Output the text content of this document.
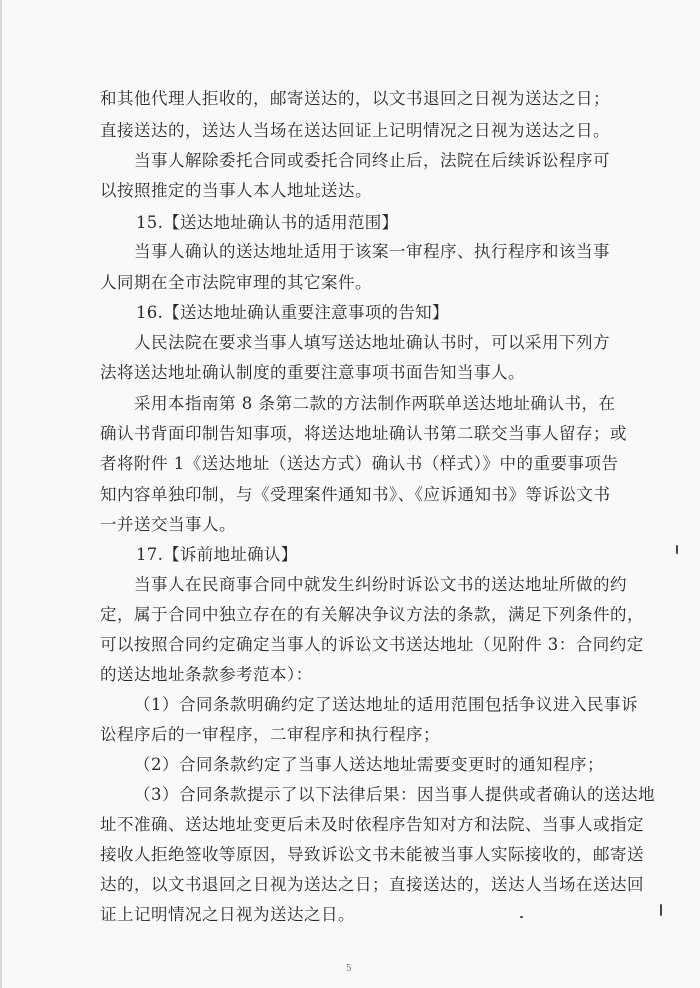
和其他代理人拒收的，邮寄送达的，以文书退回之日视为送达之日；
直接送达的，送达人当场在送达回证上记明情况之日视为送达之日。
当事人解除委托合同或委托合同终止后，法院在后续诉讼程序可
以按照推定的当事人本人地址送达。
15.【送达地址确认书的适用范围】
当事人确认的送达地址适用于该案一审程序、执行程序和该当事
人同期在全市法院审理的其它案件。
16.【送达地址确认重要注意事项的告知】
人民法院在要求当事人填写送达地址确认书时，可以采用下列方
法将送达地址确认制度的重要注意事项书面告知当事人。
采用本指南第 8 条第二款的方法制作两联单送达地址确认书，在
确认书背面印制告知事项，将送达地址确认书第二联交当事人留存；或
者将附件 1《送达地址（送达方式）确认书（样式）》中的重要事项告
知内容单独印制，与《受理案件通知书》、《应诉通知书》等诉讼文书
一并送交当事人。
17.【诉前地址确认】
当事人在民商事合同中就发生纠纷时诉讼文书的送达地址所做的约
定，属于合同中独立存在的有关解决争议方法的条款，满足下列条件的，
可以按照合同约定确定当事人的诉讼文书送达地址（见附件 3：合同约定
的送达地址条款参考范本）：
（1）合同条款明确约定了送达地址的适用范围包括争议进入民事诉
讼程序后的一审程序，二审程序和执行程序；
（2）合同条款约定了当事人送达地址需要变更时的通知程序；
（3）合同条款提示了以下法律后果：因当事人提供或者确认的送达地
址不准确、送达地址变更后未及时依程序告知对方和法院、当事人或指定
接收人拒绝签收等原因，导致诉讼文书未能被当事人实际接收的，邮寄送
达的，以文书退回之日视为送达之日；直接送达的，送达人当场在送达回
证上记明情况之日视为送达之日。
5
